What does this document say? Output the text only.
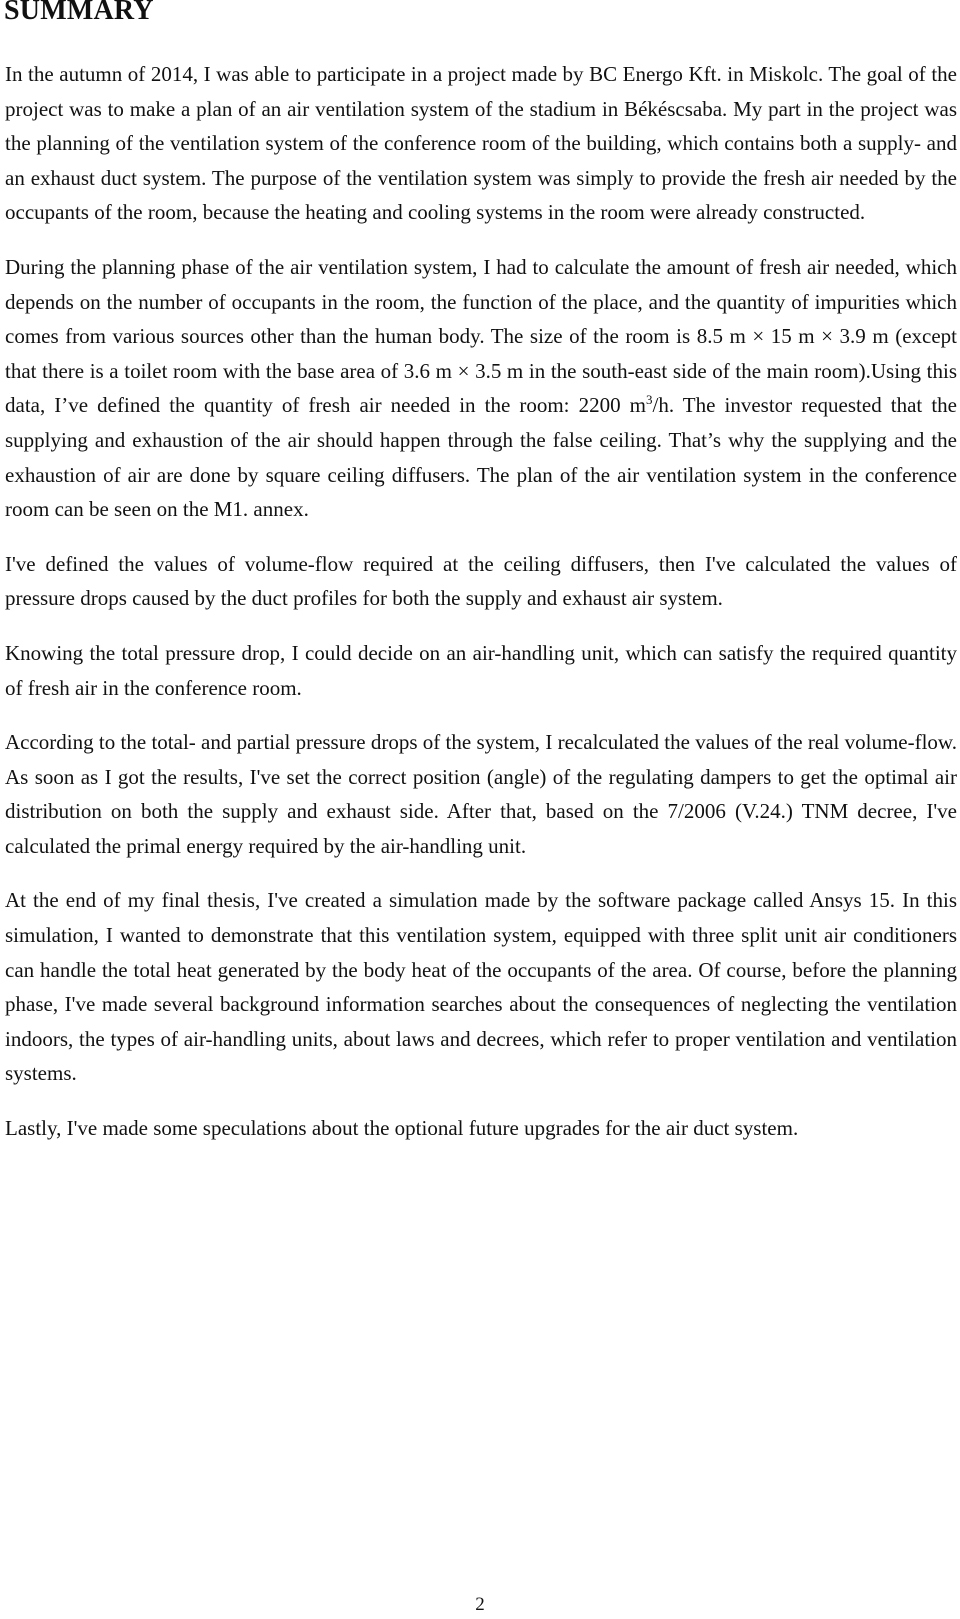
SUMMARY

In the autumn of 2014, I was able to participate in a project made by BC Energo Kft. in Miskolc. The goal of the project was to make a plan of an air ventilation system of the stadium in Békéscsaba. My part in the project was the planning of the ventilation system of the conference room of the building, which contains both a supply- and an exhaust duct system. The purpose of the ventilation system was simply to provide the fresh air needed by the occupants of the room, because the heating and cooling systems in the room were already constructed.

During the planning phase of the air ventilation system, I had to calculate the amount of fresh air needed, which depends on the number of occupants in the room, the function of the place, and the quantity of impurities which comes from various sources other than the human body. The size of the room is 8.5 m × 15 m × 3.9 m (except that there is a toilet room with the base area of 3.6 m × 3.5 m in the south-east side of the main room).Using this data, I’ve defined the quantity of fresh air needed in the room: 2200 $m^3/h$. The investor requested that the supplying and exhaustion of the air should happen through the false ceiling. That’s why the supplying and the exhaustion of air are done by square ceiling diffusers. The plan of the air ventilation system in the conference room can be seen on the M1. annex.

I've defined the values of volume-flow required at the ceiling diffusers, then I've calculated the values of pressure drops caused by the duct profiles for both the supply and exhaust air system.

Knowing the total pressure drop, I could decide on an air-handling unit, which can satisfy the required quantity of fresh air in the conference room.

According to the total- and partial pressure drops of the system, I recalculated the values of the real volume-flow. As soon as I got the results, I've set the correct position (angle) of the regulating dampers to get the optimal air distribution on both the supply and exhaust side. After that, based on the 7/2006 (V.24.) TNM decree, I've calculated the primal energy required by the air-handling unit.

At the end of my final thesis, I've created a simulation made by the software package called Ansys 15. In this simulation, I wanted to demonstrate that this ventilation system, equipped with three split unit air conditioners can handle the total heat generated by the body heat of the occupants of the area. Of course, before the planning phase, I've made several background information searches about the consequences of neglecting the ventilation indoors, the types of air-handling units, about laws and decrees, which refer to proper ventilation and ventilation systems.

Lastly, I've made some speculations about the optional future upgrades for the air duct system.

2
